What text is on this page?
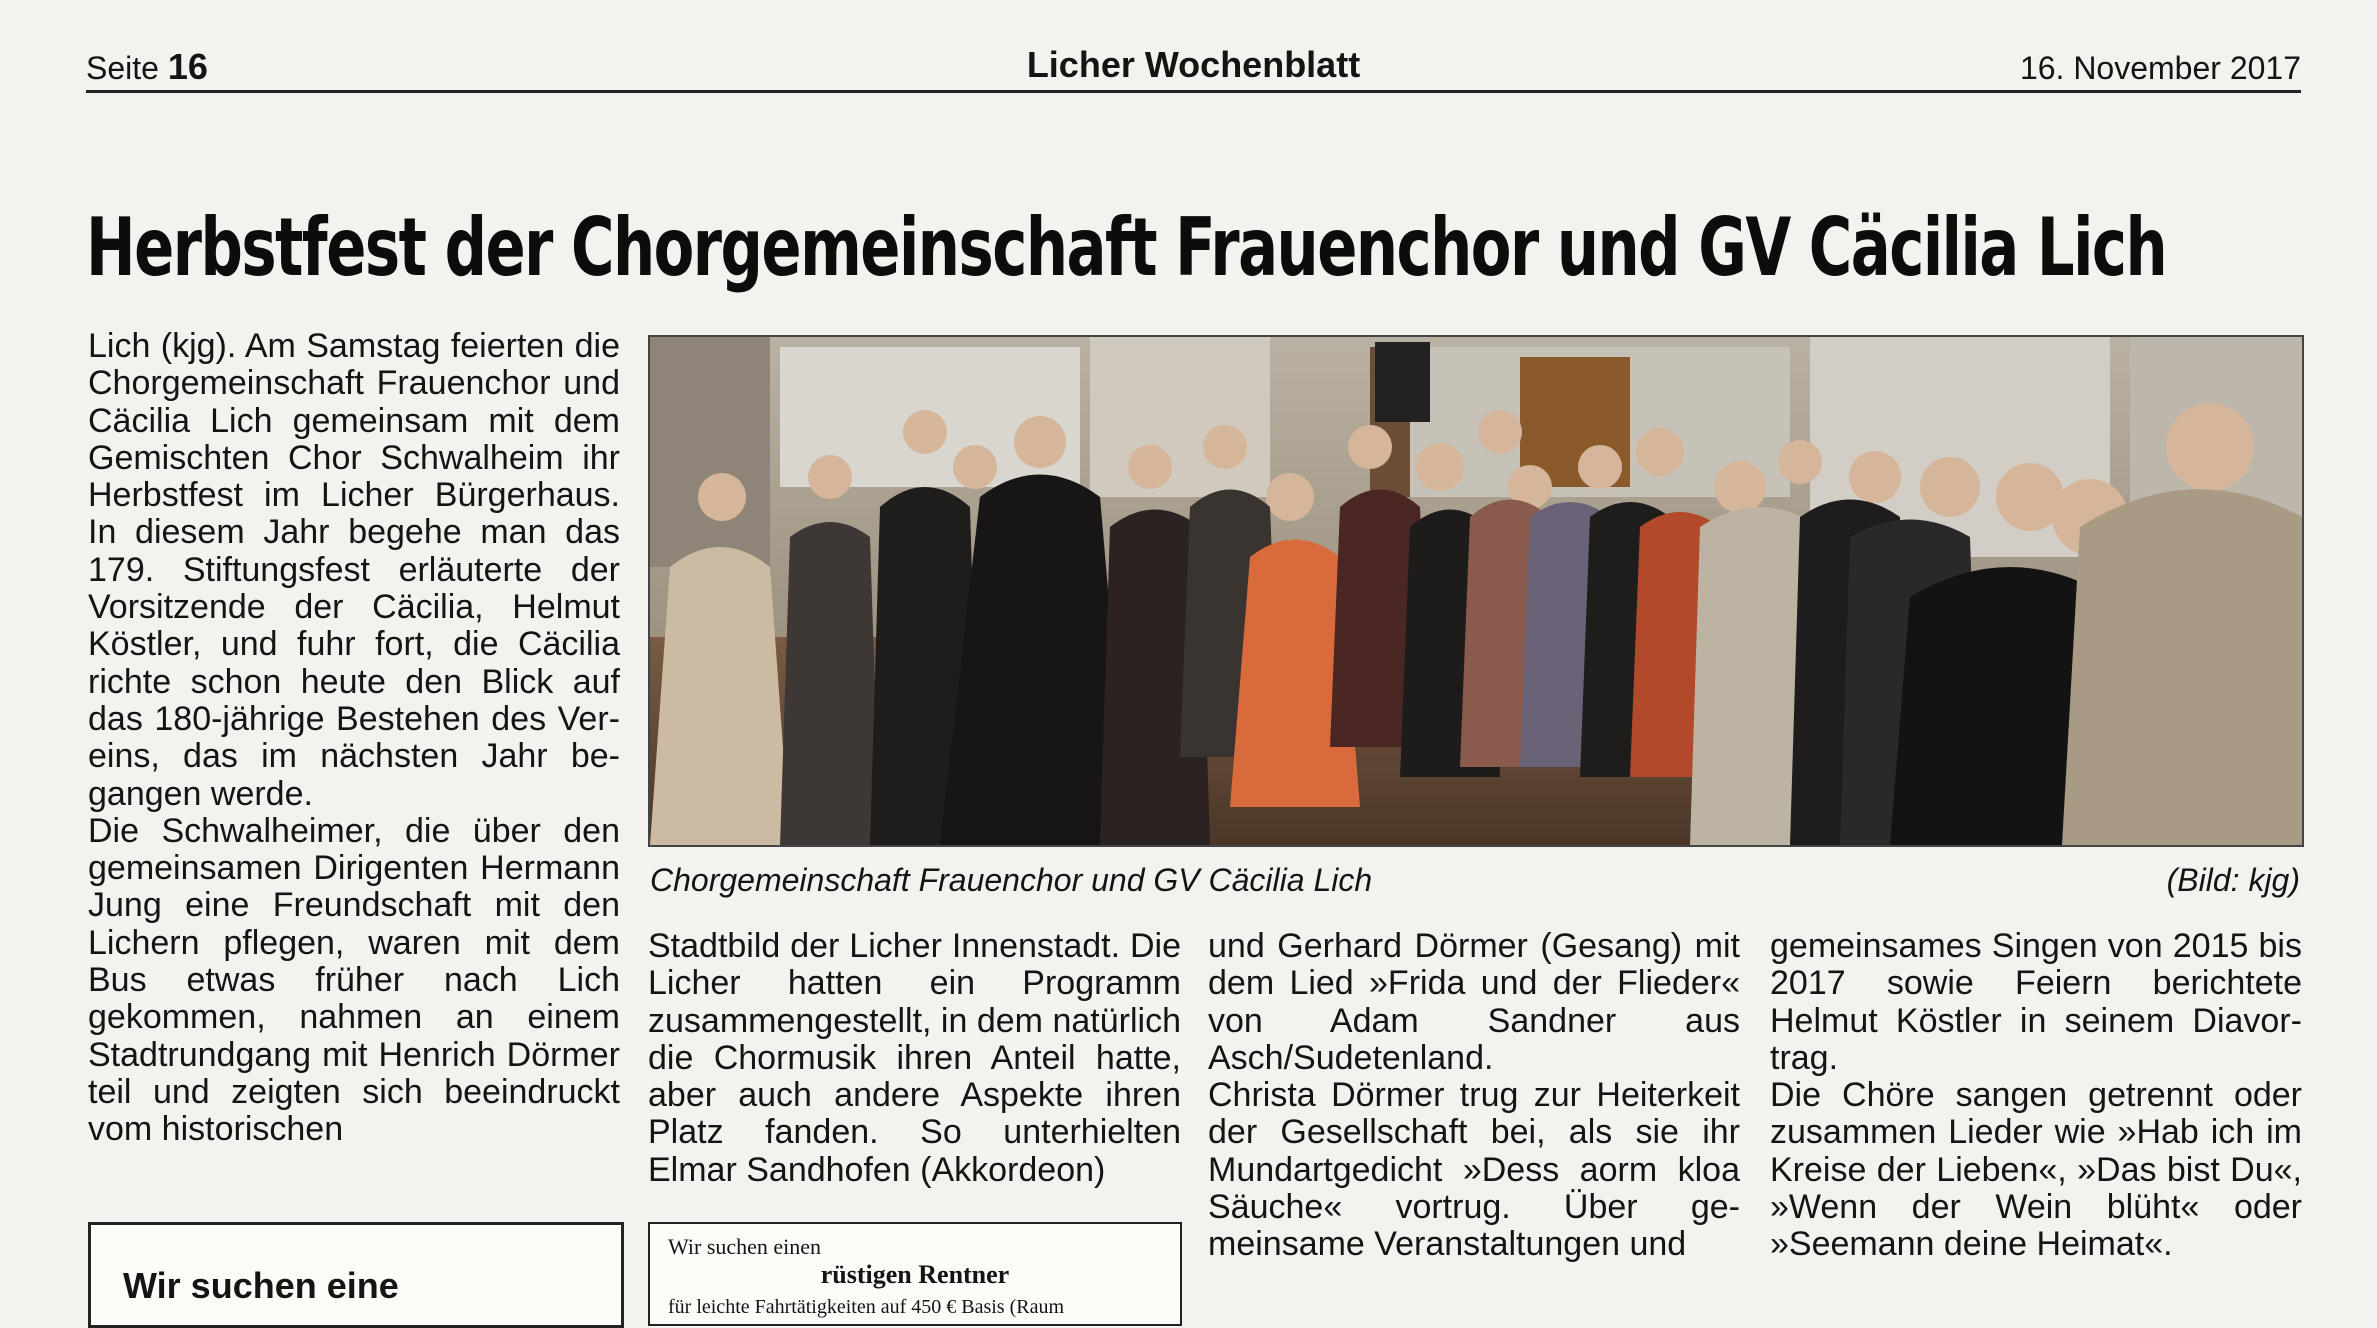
Seite 16	Licher Wochenblatt	16. November 2017
Herbstfest der Chorgemeinschaft Frauenchor und GV Cäcilia Lich

Lich (kjg). Am Samstag feierten die Chorgemeinschaft Frauenchor und Cäcilia Lich gemeinsam mit dem Gemischten Chor Schwalheim ihr Herbstfest im Licher Bürgerhaus. In diesem Jahr begehe man das 179. Stiftungsfest erläuterte der Vorsitzende der Cäcilia, Helmut Köstler, und fuhr fort, die Cäcilia richte schon heute den Blick auf das 180-jährige Bestehen des Vereins, das im nächsten Jahr begangen werde.

Die Schwalheimer, die über den gemeinsamen Dirigenten Hermann Jung eine Freundschaft mit den Lichern pflegen, waren mit dem Bus etwas früher nach Lich gekommen, nahmen an einem Stadtrundgang mit Henrich Dörmer teil und zeigten sich beeindruckt vom historischen

Chorgemeinschaft Frauenchor und GV Cäcilia Lich	(Bild: kjg)

Stadtbild der Licher Innenstadt. Die Licher hatten ein Programm zusammengestellt, in dem natürlich die Chormusik ihren Anteil hatte, aber auch andere Aspekte ihren Platz fanden. So unterhielten Elmar Sandhofen (Akkordeon)

und Gerhard Dörmer (Gesang) mit dem Lied »Frida und der Flieder« von Adam Sandner aus Asch/Sudetenland.

Christa Dörmer trug zur Heiterkeit der Gesellschaft bei, als sie ihr Mundartgedicht »Dess aorm kloa Säuche« vortrug. Über gemeinsame Veranstaltungen und

gemeinsames Singen von 2015 bis 2017 sowie Feiern berichtete Helmut Köstler in seinem Diavortrag.

Die Chöre sangen getrennt oder zusammen Lieder wie »Hab ich im Kreise der Lieben«, »Das bist Du«, »Wenn der Wein blüht« oder »Seemann deine Heimat«.

Wir suchen eine
Wir suchen einen
rüstigen Rentner
für leichte Fahrtätigkeiten auf 450 € Basis (Raum
